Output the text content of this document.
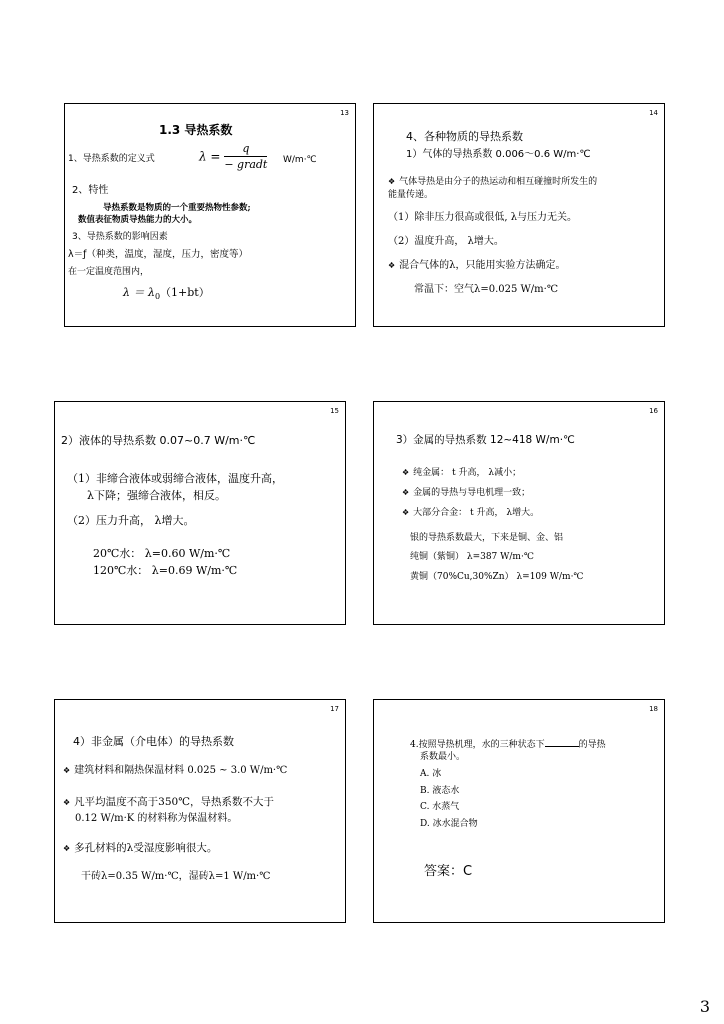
13
1.3 导热系数
1、导热系数的定义式	$\lambda = \frac{q}{\text{− gradt}}$ W/m·℃
2、特性
导热系数是物质的一个重要热物性参数;
数值表征物质导热能力的大小。
3、导热系数的影响因素
λ＝ƒ（种类，温度，湿度，压力，密度等）
在一定温度范围内，
$\lambda = \lambda_0(1+bt)$
14
4、各种物质的导热系数
1）气体的导热系数 0.006～0.6 W/m·℃
❖ 气体导热是由分子的热运动和相互碰撞时所发生的
能量传递。
（1）除非压力很高或很低, λ与压力无关。
（2）温度升高， λ增大。
❖ 混合气体的λ，只能用实验方法确定。
常温下：空气λ=0.025 W/m·℃
15
2）液体的导热系数 0.07~0.7 W/m·℃
（1）非缔合液体或弱缔合液体，温度升高，
λ下降；强缔合液体，相反。
（2）压力升高， λ增大。
20℃水： λ=0.60 W/m·℃
120℃水： λ=0.69 W/m·℃
16
3）金属的导热系数 12~418 W/m·℃
❖ 纯金属： t 升高， λ减小；
❖ 金属的导热与导电机理一致；
❖ 大部分合金： t 升高， λ增大。
银的导热系数最大，下来是铜、金、铝
纯铜（紫铜） λ=387 W/m·℃
黄铜（70%Cu,30%Zn） λ=109 W/m·℃
17
4）非金属（介电体）的导热系数
❖ 建筑材料和隔热保温材料 0.025 ~ 3.0 W/m·℃
❖ 凡平均温度不高于350℃，导热系数不大于
0.12 W/m·K 的材料称为保温材料。
❖ 多孔材料的λ受湿度影响很大。
干砖λ=0.35 W/m·℃，湿砖λ=1 W/m·℃
18
4.按照导热机理，水的三种状态下	的导热
系数最小。
A. 冰
B. 液态水
C. 水蒸气
D. 冰水混合物
答案：C
3
